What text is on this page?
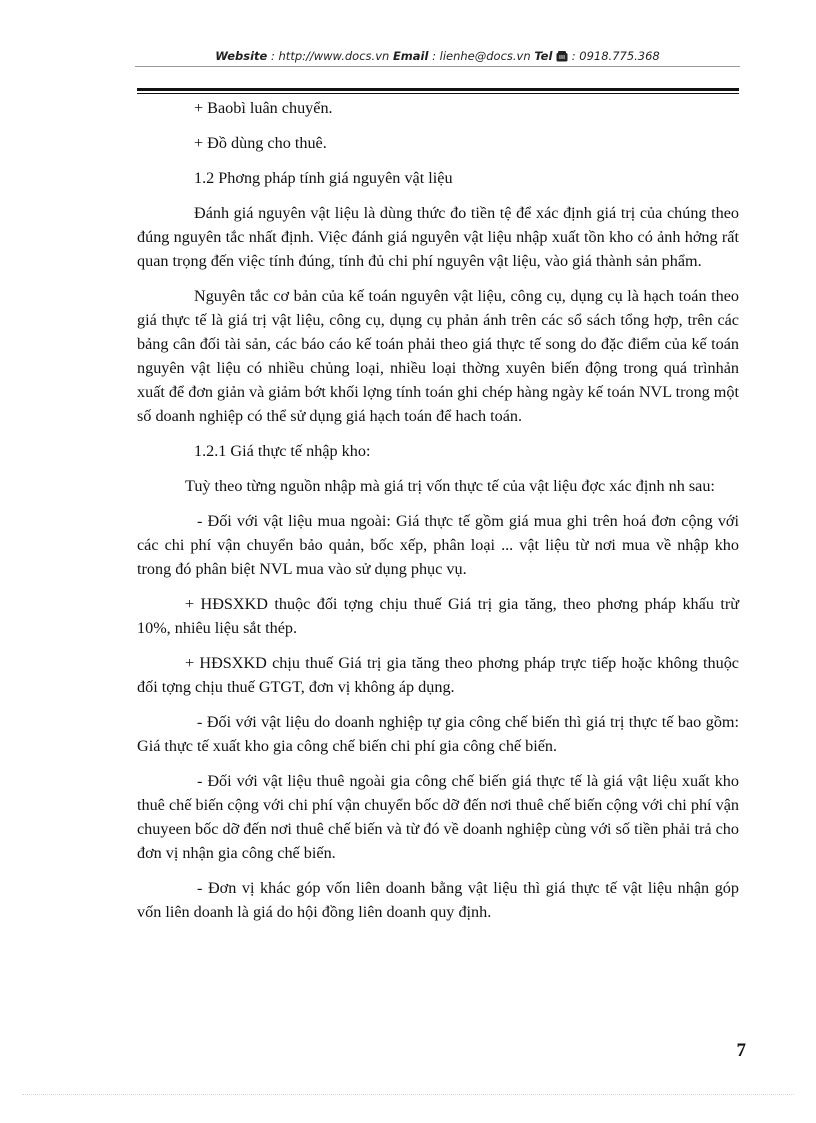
Website : http://www.docs.vn Email : lienhe@docs.vn Tel  : 0918.775.368

+ Baobì luân chuyển.

+ Đồ dùng cho thuê.

1.2 Phơng pháp tính giá nguyên vật liệu

Đánh giá nguyên vật liệu là dùng thức đo tiền tệ để xác định giá trị của chúng theo đúng nguyên tắc nhất định. Việc đánh giá nguyên vật liệu nhập xuất tồn kho có ảnh hởng rất quan trọng đến việc tính đúng, tính đủ chi phí nguyên vật liệu, vào giá thành sản phẩm.

Nguyên tắc cơ bản của kế toán nguyên vật liệu, công cụ, dụng cụ là hạch toán theo giá thực tế là giá trị vật liệu, công cụ, dụng cụ phản ánh trên các sổ sách tổng hợp, trên các bảng cân đối tài sản, các báo cáo kế toán phải theo giá thực tế song do đặc điểm của kế toán nguyên vật liệu có nhiều chủng loại, nhiều loại thờng xuyên biến động trong quá trìnhản xuất để đơn giản và giảm bớt khối lợng tính toán ghi chép hàng ngày kế toán NVL trong một số doanh nghiệp có thể sử dụng giá hạch toán để hach toán.

1.2.1 Giá thực tế nhập kho:

Tuỳ theo từng nguồn nhập mà giá trị vốn thực tế của vật liệu đợc xác định nh sau:

- Đối với vật liệu mua ngoài: Giá thực tế gồm giá mua ghi trên hoá đơn cộng với các chi phí vận chuyển bảo quản, bốc xếp, phân loại ... vật liệu từ nơi mua về nhập kho trong đó phân biệt NVL mua vào sử dụng phục vụ.

+ HĐSXKD thuộc đối tợng chịu thuế Giá trị gia tăng, theo phơng pháp khấu trừ 10%, nhiêu liệu sắt thép.

+ HĐSXKD chịu thuế Giá trị gia tăng theo phơng pháp trực tiếp hoặc không thuộc đối tợng chịu thuế GTGT, đơn vị không áp dụng.

- Đối với vật liệu do doanh nghiệp tự gia công chế biến thì giá trị thực tế bao gồm: Giá thực tế xuất kho gia công chế biến chi phí gia công chế biến.

- Đối với vật liệu thuê ngoài gia công chế biến giá thực tế là giá vật liệu xuất kho thuê chế biến cộng với chi phí vận chuyển bốc dỡ đến nơi thuê chế biến cộng với chi phí vận chuyeen bốc dỡ đến nơi thuê chế biến và từ đó về doanh nghiệp cùng với số tiền phải trả cho đơn vị nhận gia công chế biến.

- Đơn vị khác góp vốn liên doanh bằng vật liệu thì giá thực tế vật liệu nhận góp vốn liên doanh là giá do hội đồng liên doanh quy định.

7
